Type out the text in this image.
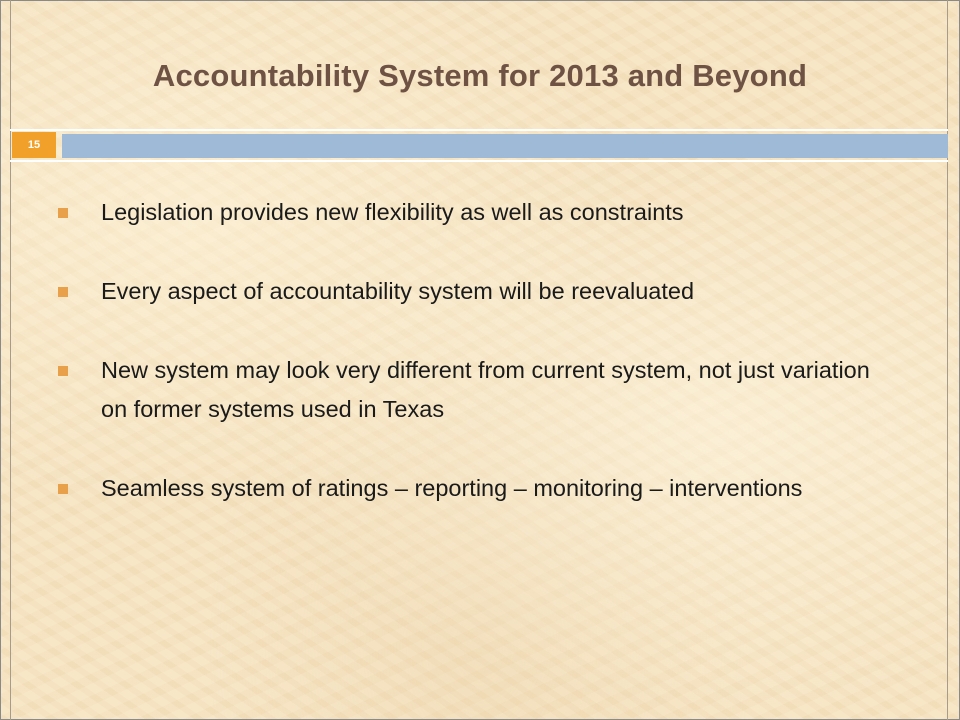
Accountability System for 2013 and Beyond
15
Legislation provides new flexibility as well as constraints
Every aspect of accountability system will be reevaluated
New system may look very different from current system, not just variation on former systems used in Texas
Seamless system of ratings – reporting – monitoring – interventions
